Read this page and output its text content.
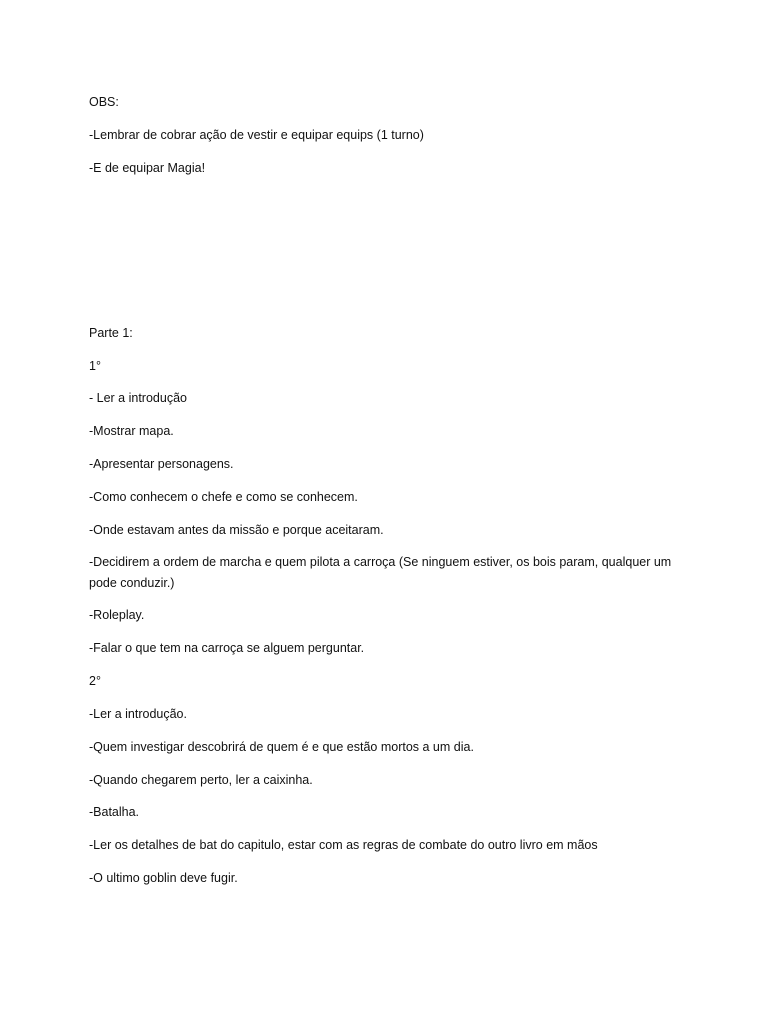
OBS:

-Lembrar de cobrar ação de vestir e equipar equips (1 turno)

-E de equipar Magia!

Parte 1:

1°

- Ler a introdução

-Mostrar mapa.

-Apresentar personagens.

-Como conhecem o chefe e como se conhecem.

-Onde estavam antes da missão e porque aceitaram.

-Decidirem a ordem de marcha e quem pilota a carroça (Se ninguem estiver, os bois param, qualquer um pode conduzir.)

-Roleplay.

-Falar o que tem na carroça se alguem perguntar.

2°

-Ler a introdução.

-Quem investigar descobrirá de quem é e que estão mortos a um dia.

-Quando chegarem perto, ler a caixinha.

-Batalha.

-Ler os detalhes de bat do capitulo, estar com as regras de combate do outro livro em mãos

-O ultimo goblin deve fugir.
